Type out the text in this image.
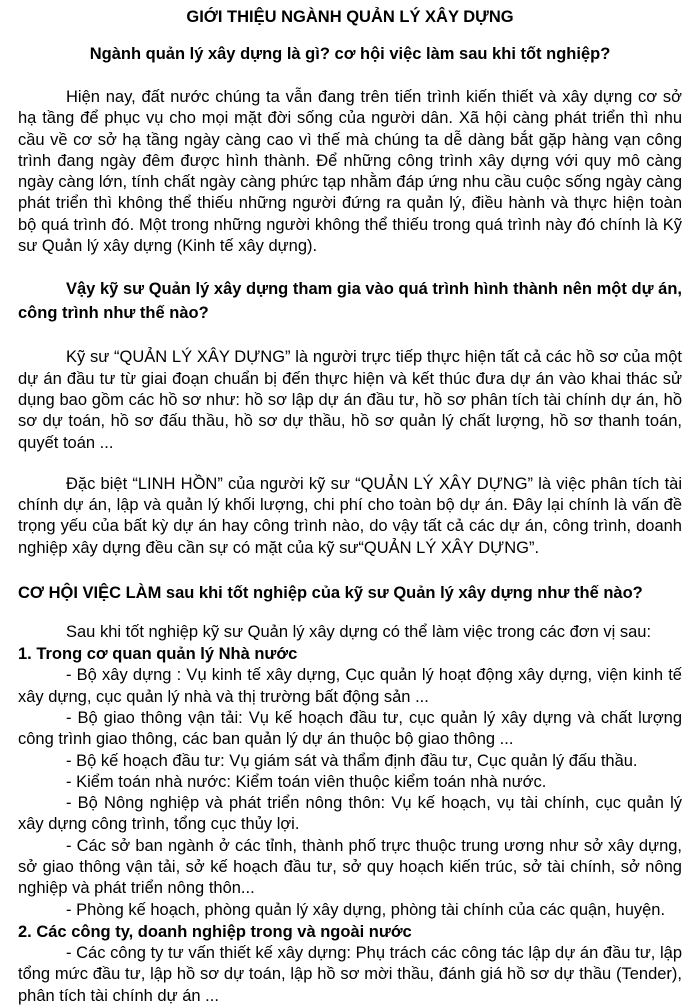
GIỚI THIỆU NGÀNH QUẢN LÝ XÂY DỰNG

Ngành quản lý xây dựng là gì? cơ hội việc làm sau khi tốt nghiệp?

Hiện nay, đất nước chúng ta vẫn đang trên tiến trình kiến thiết và xây dựng cơ sở hạ tầng để phục vụ cho mọi mặt đời sống của người dân. Xã hội càng phát triển thì nhu cầu về cơ sở hạ tầng ngày càng cao vì thế mà chúng ta dễ dàng bắt gặp hàng vạn công trình đang ngày đêm được hình thành. Để những công trình xây dựng với quy mô càng ngày càng lớn, tính chất ngày càng phức tạp nhằm đáp ứng nhu cầu cuộc sống ngày càng phát triển thì không thể thiếu những người đứng ra quản lý, điều hành và thực hiện toàn bộ quá trình đó. Một trong những người không thể thiếu trong quá trình này đó chính là Kỹ sư Quản lý xây dựng (Kinh tế xây dựng).

Vậy kỹ sư Quản lý xây dựng tham gia vào quá trình hình thành nên một dự án, công trình như thế nào?

Kỹ sư “QUẢN LÝ XÂY DỰNG” là người trực tiếp thực hiện tất cả các hồ sơ của một dự án đầu tư từ giai đoạn chuẩn bị đến thực hiện và kết thúc đưa dự án vào khai thác sử dụng bao gồm các hồ sơ như: hồ sơ lập dự án đầu tư, hồ sơ phân tích tài chính dự án, hồ sơ dự toán, hồ sơ đấu thầu, hồ sơ dự thầu, hồ sơ quản lý chất lượng, hồ sơ thanh toán, quyết toán ...

Đặc biệt “LINH HỒN” của người kỹ sư “QUẢN LÝ XÂY DỰNG” là việc phân tích tài chính dự án, lập và quản lý khối lượng, chi phí cho toàn bộ dự án. Đây lại chính là vấn đề trọng yếu của bất kỳ dự án hay công trình nào, do vậy tất cả các dự án, công trình, doanh nghiệp xây dựng đều cần sự có mặt của kỹ sư“QUẢN LÝ XÂY DỰNG”.

CƠ HỘI VIỆC LÀM sau khi tốt nghiệp của kỹ sư Quản lý xây dựng như thế nào?

Sau khi tốt nghiệp kỹ sư Quản lý xây dựng có thể làm việc trong các đơn vị sau:

1. Trong cơ quan quản lý Nhà nước

- Bộ xây dựng : Vụ kinh tế xây dựng, Cục quản lý hoạt động xây dựng, viện kinh tế xây dựng, cục quản lý nhà và thị trường bất động sản ...

- Bộ giao thông vận tải: Vụ kế hoạch đầu tư, cục quản lý xây dựng và chất lượng công trình giao thông, các ban quản lý dự án thuộc bộ giao thông ...

- Bộ kế hoạch đầu tư: Vụ giám sát và thẩm định đầu tư, Cục quản lý đấu thầu.

- Kiểm toán nhà nước: Kiểm toán viên thuộc kiểm toán nhà nước.

- Bộ Nông nghiệp và phát triển nông thôn: Vụ kế hoạch, vụ tài chính, cục quản lý xây dựng công trình, tổng cục thủy lợi.

- Các sở ban ngành ở các tỉnh, thành phố trực thuộc trung ương như sở xây dựng, sở giao thông vận tải, sở kế hoạch đầu tư, sở quy hoạch kiến trúc, sở tài chính, sở nông nghiệp và phát triển nông thôn...

- Phòng kế hoạch, phòng quản lý xây dựng, phòng tài chính của các quận, huyện.

2. Các công ty, doanh nghiệp trong và ngoài nước

- Các công ty tư vấn thiết kế xây dựng: Phụ trách các công tác lập dự án đầu tư, lập tổng mức đầu tư, lập hồ sơ dự toán, lập hồ sơ mời thầu, đánh giá hồ sơ dự thầu (Tender), phân tích tài chính dự án ...
